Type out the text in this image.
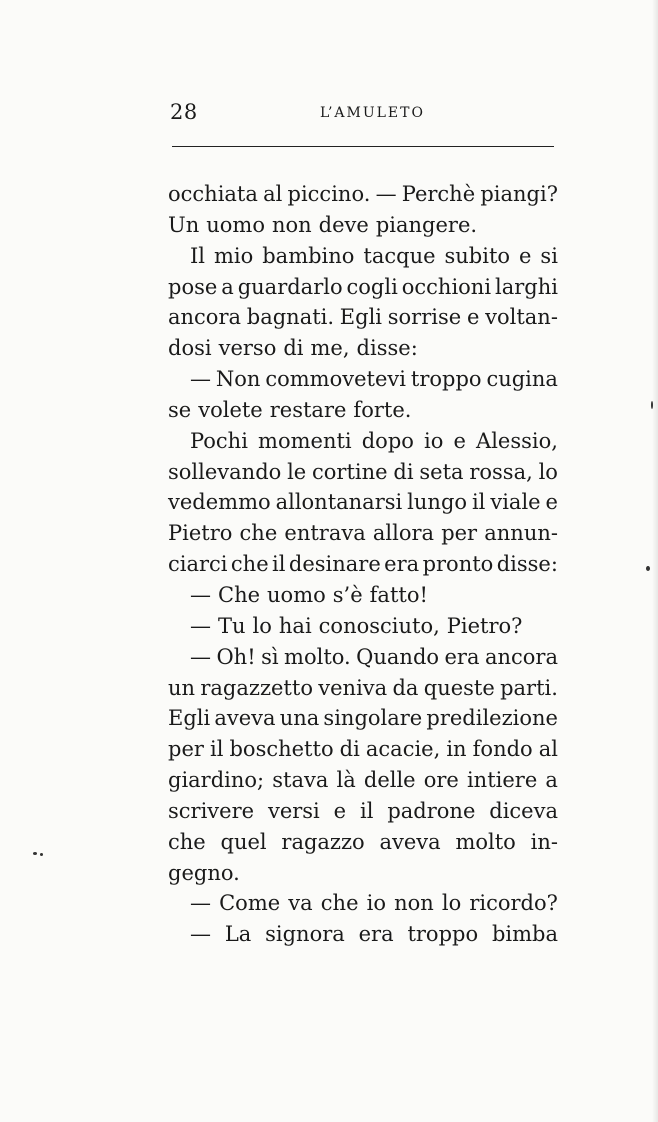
28	L’AMULETO
occhiata al piccino. — Perchè piangi?
Un uomo non deve piangere.
Il mio bambino tacque subito e si
pose a guardarlo cogli occhioni larghi
ancora bagnati. Egli sorrise e voltan-
dosi verso di me, disse:
— Non commovetevi troppo cugina
se volete restare forte.
Pochi momenti dopo io e Alessio,
sollevando le cortine di seta rossa, lo
vedemmo allontanarsi lungo il viale e
Pietro che entrava allora per annun-
ciarci che il desinare era pronto disse:
— Che uomo s’è fatto!
— Tu lo hai conosciuto, Pietro?
— Oh! sì molto. Quando era ancora
un ragazzetto veniva da queste parti.
Egli aveva una singolare predilezione
per il boschetto di acacie, in fondo al
giardino; stava là delle ore intiere a
scrivere versi e il padrone diceva
che quel ragazzo aveva molto in-
gegno.
— Come va che io non lo ricordo?
— La signora era troppo bimba
